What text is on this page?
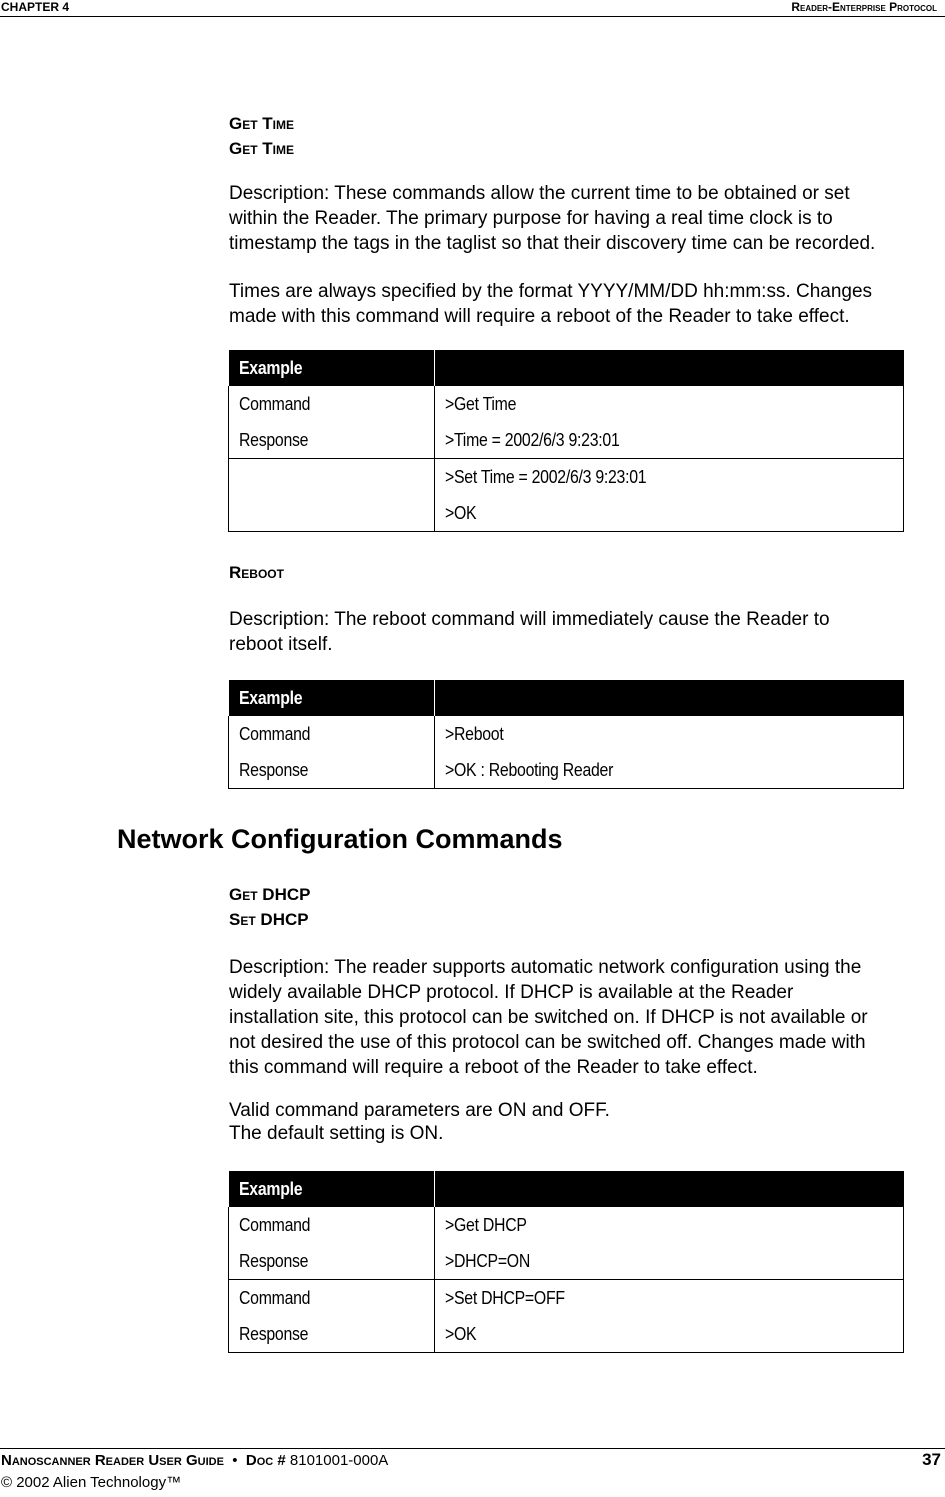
CHAPTER 4	Reader-Enterprise Protocol
Get Time
Get Time

Description: These commands allow the current time to be obtained or set

within the Reader. The primary purpose for having a real time clock is to

timestamp the tags in the taglist so that their discovery time can be recorded.

Times are always specified by the format YYYY/MM/DD hh:mm:ss. Changes

made with this command will require a reboot of the Reader to take effect.

Example	
Command	>Get Time
Response	>Time = 2002/6/3 9:23:01
	>Set Time = 2002/6/3 9:23:01
	>OK
Reboot

Description: The reboot command will immediately cause the Reader to

reboot itself.

Example	
Command	>Reboot
Response	>OK : Rebooting Reader
Network Configuration Commands
Get DHCP
Set DHCP

Description: The reader supports automatic network configuration using the

widely available DHCP protocol. If DHCP is available at the Reader

installation site, this protocol can be switched on. If DHCP is not available or

not desired the use of this protocol can be switched off. Changes made with

this command will require a reboot of the Reader to take effect.

Valid command parameters are ON and OFF.

The default setting is ON.

Example	
Command	>Get DHCP
Response	>DHCP=ON
Command	>Set DHCP=OFF
Response	>OK
Nanoscanner Reader User Guide • Doc # 8101001-000A
© 2002 Alien Technology™
37
